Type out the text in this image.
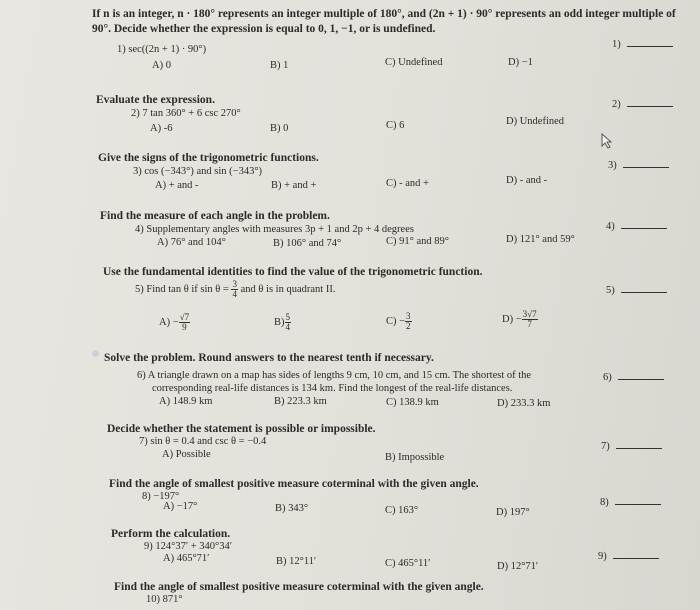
If n is an integer, n · 180° represents an integer multiple of 180°, and (2n + 1) · 90° represents an odd integer multiple of
90°. Decide whether the expression is equal to 0, 1, −1, or is undefined.
1) sec((2n + 1) · 90°)
A) 0	B) 1	C) Undefined	D) −1
1)
Evaluate the expression.
2) 7 tan 360° + 6 csc 270°
A) -6	B) 0	C) 6	D) Undefined
2)
Give the signs of the trigonometric functions.
3) cos (−343°) and sin (−343°)
A) + and -	B) + and +	C) - and +	D) - and -
3)
Find the measure of each angle in the problem.
4) Supplementary angles with measures 3p + 1 and 2p + 4 degrees
A) 76° and 104°	B) 106° and 74°	C) 91° and 89°	D) 121° and 59°
4)
Use the fundamental identities to find the value of the trigonometric function.
5) Find tan θ if $\sin \theta = \frac{3}{4}$ and θ is in quadrant II.
$A) - \frac{√7}{9}$	$B) \frac{5}{4}$	$C) - \frac{3}{2}$	$D) - \frac{3√7}{7}$
5)
Solve the problem. Round answers to the nearest tenth if necessary.
6) A triangle drawn on a map has sides of lengths 9 cm, 10 cm, and 15 cm. The shortest of the
corresponding real-life distances is 134 km. Find the longest of the real-life distances.
A) 148.9 km	B) 223.3 km	C) 138.9 km	D) 233.3 km
6)
Decide whether the statement is possible or impossible.
7) sin θ = 0.4 and csc θ = −0.4
A) Possible	B) Impossible
7)
Find the angle of smallest positive measure coterminal with the given angle.
8) −197°
A) −17°	B) 343°	C) 163°	D) 197°
8)
Perform the calculation.
9) 124°37′ + 340°34′
A) 465°71′	B) 12°11′	C) 465°11′	D) 12°71′
9)
Find the angle of smallest positive measure coterminal with the given angle.
10) 871°
